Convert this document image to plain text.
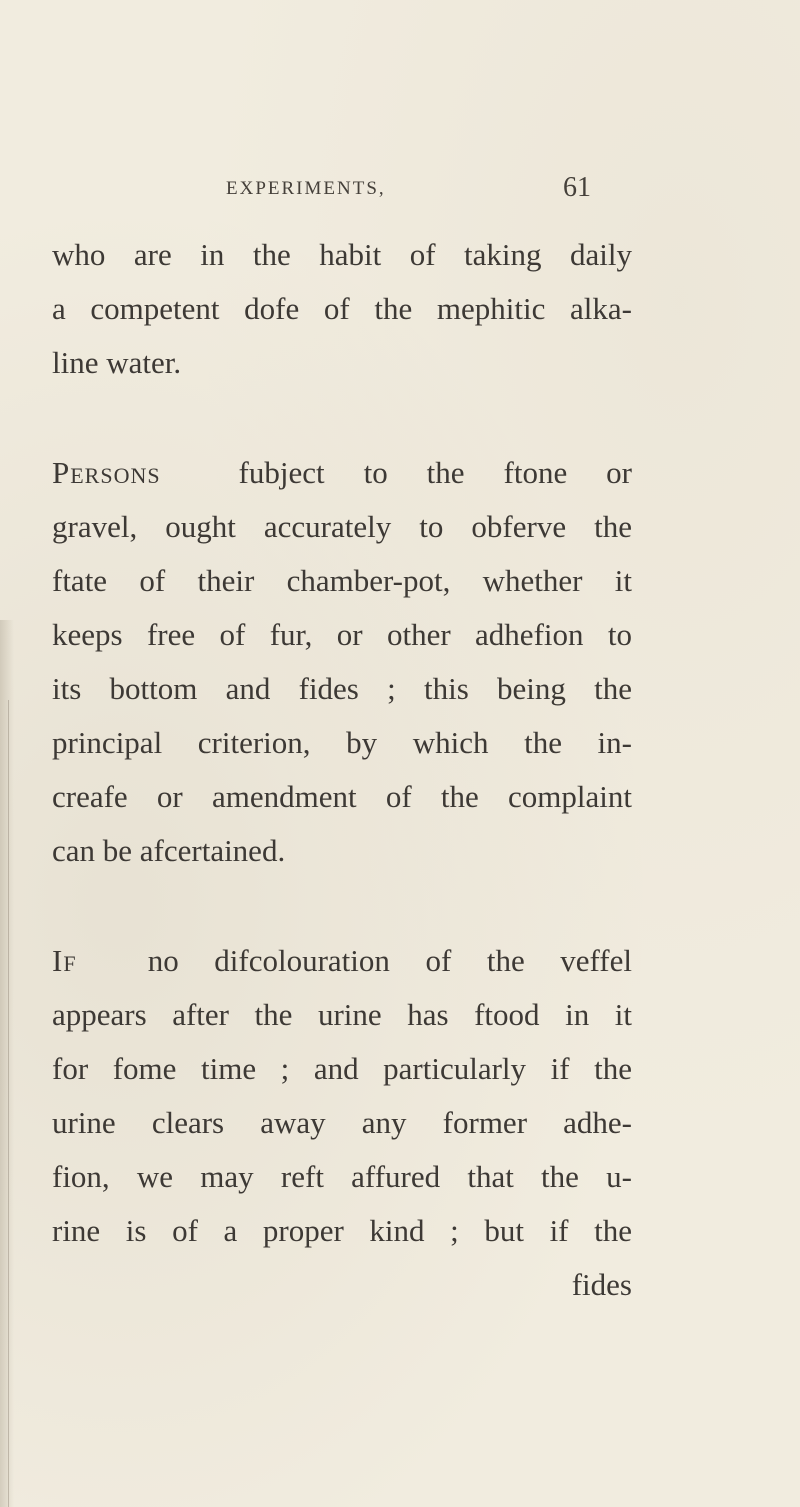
EXPERIMENTS,	61
who are in the habit of taking daily
a competent dofe of the mephitic alka-
line water.
Persons	fubject to the ftone or
gravel, ought accurately to obferve the
ftate of their chamber-pot, whether it
keeps free of fur, or other adhefion to
its bottom and fides ; this being the
principal criterion, by which the in-
creafe or amendment of the complaint
can be afcertained.
If no difcolouration of the veffel
appears after the urine has ftood in it
for fome time ; and particularly if the
urine clears away any former adhe-
fion, we may reft affured that the u-
rine is of a proper kind ; but if the
fides
